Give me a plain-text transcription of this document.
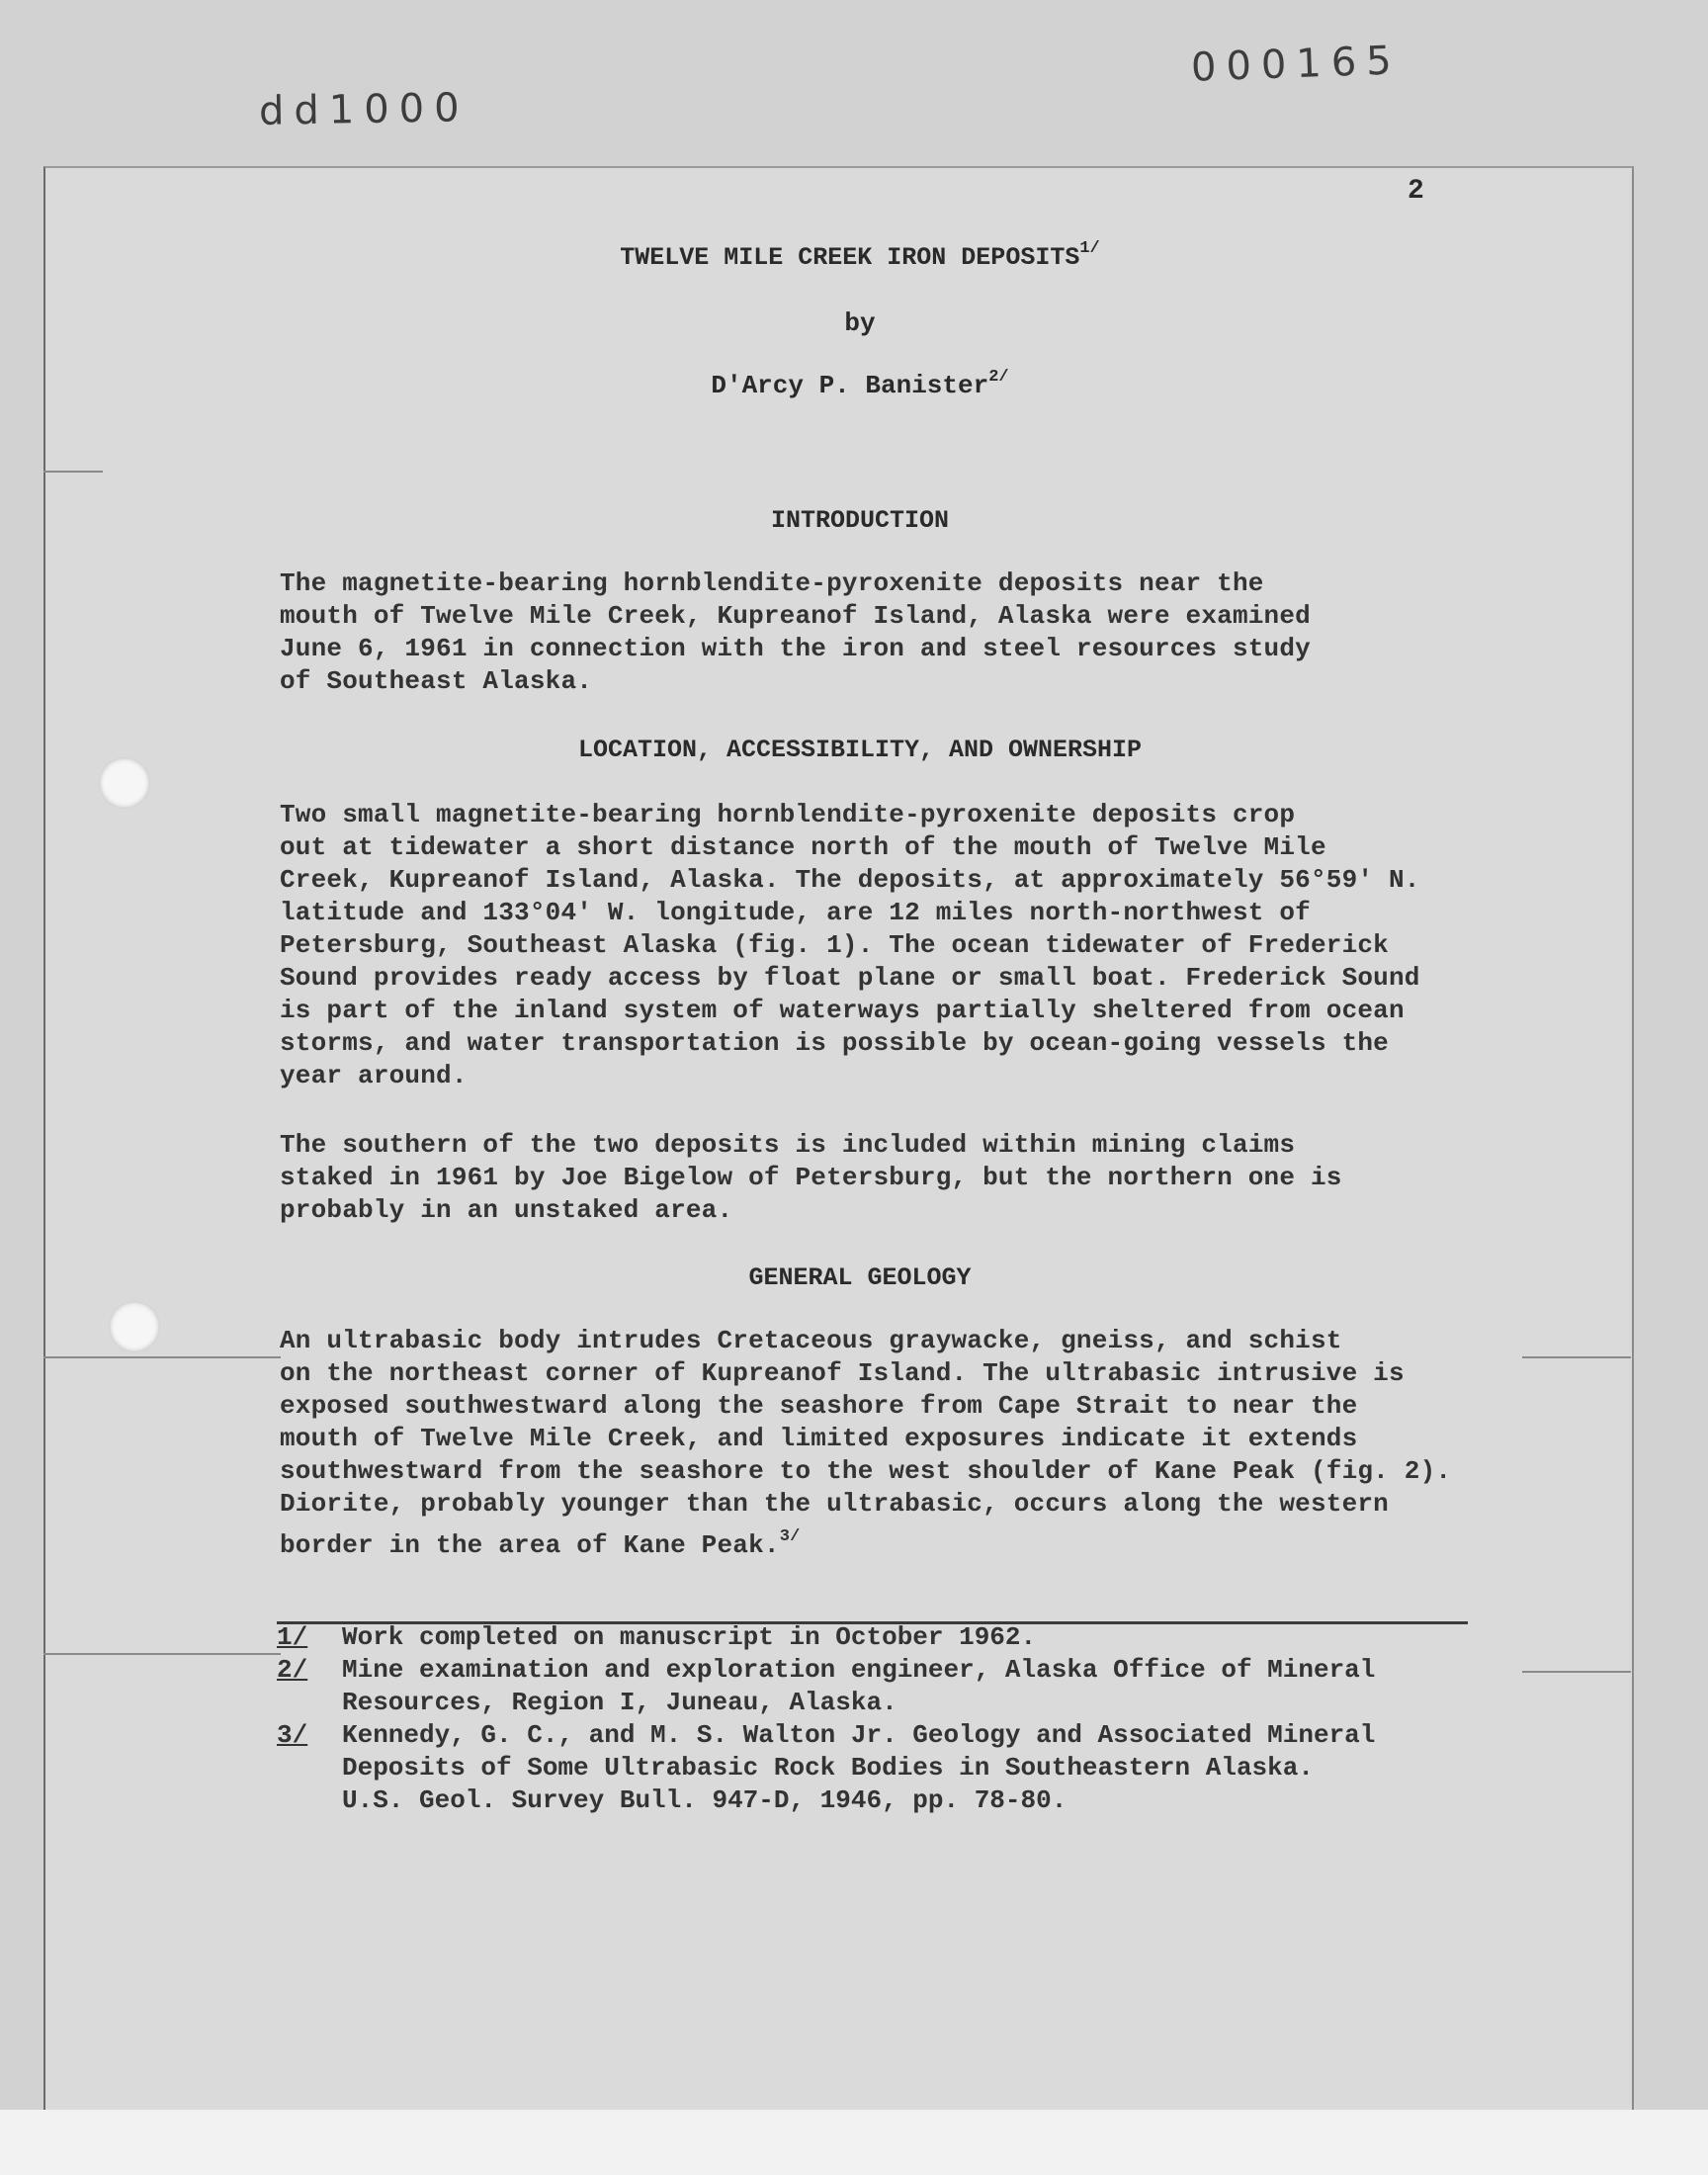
dd1000
000165
2
TWELVE MILE CREEK IRON $DEPOSITS^{1/}$
by
D'Arcy P. Banister$^{2/}$
INTRODUCTION
The magnetite-bearing hornblendite-pyroxenite deposits near the
mouth of Twelve Mile Creek, Kupreanof Island, Alaska were examined
June 6, 1961 in connection with the iron and steel resources study
of Southeast Alaska.
LOCATION, ACCESSIBILITY, AND OWNERSHIP
Two small magnetite-bearing hornblendite-pyroxenite deposits crop
out at tidewater a short distance north of the mouth of Twelve Mile
Creek, Kupreanof Island, Alaska. The deposits, at approximately 56°59' N.
latitude and 133°04' W. longitude, are 12 miles north-northwest of
Petersburg, Southeast Alaska (fig. 1). The ocean tidewater of Frederick
Sound provides ready access by float plane or small boat. Frederick Sound
is part of the inland system of waterways partially sheltered from ocean
storms, and water transportation is possible by ocean-going vessels the
year around.
The southern of the two deposits is included within mining claims
staked in 1961 by Joe Bigelow of Petersburg, but the northern one is
probably in an unstaked area.
GENERAL GEOLOGY
An ultrabasic body intrudes Cretaceous graywacke, gneiss, and schist
on the northeast corner of Kupreanof Island. The ultrabasic intrusive is
exposed southwestward along the seashore from Cape Strait to near the
mouth of Twelve Mile Creek, and limited exposures indicate it extends
southwestward from the seashore to the west shoulder of Kane Peak (fig. 2).
Diorite, probably younger than the ultrabasic, occurs along the western
border in the area of Kane Peak.$^{3/}$
1/	Work completed on manuscript in October 1962.
2/	Mine examination and exploration engineer, Alaska Office of Mineral
Resources, Region I, Juneau, Alaska.
3/	Kennedy, G. C., and M. S. Walton Jr. Geology and Associated Mineral
Deposits of Some Ultrabasic Rock Bodies in Southeastern Alaska.
U.S. Geol. Survey Bull. 947-D, 1946, pp. 78-80.
